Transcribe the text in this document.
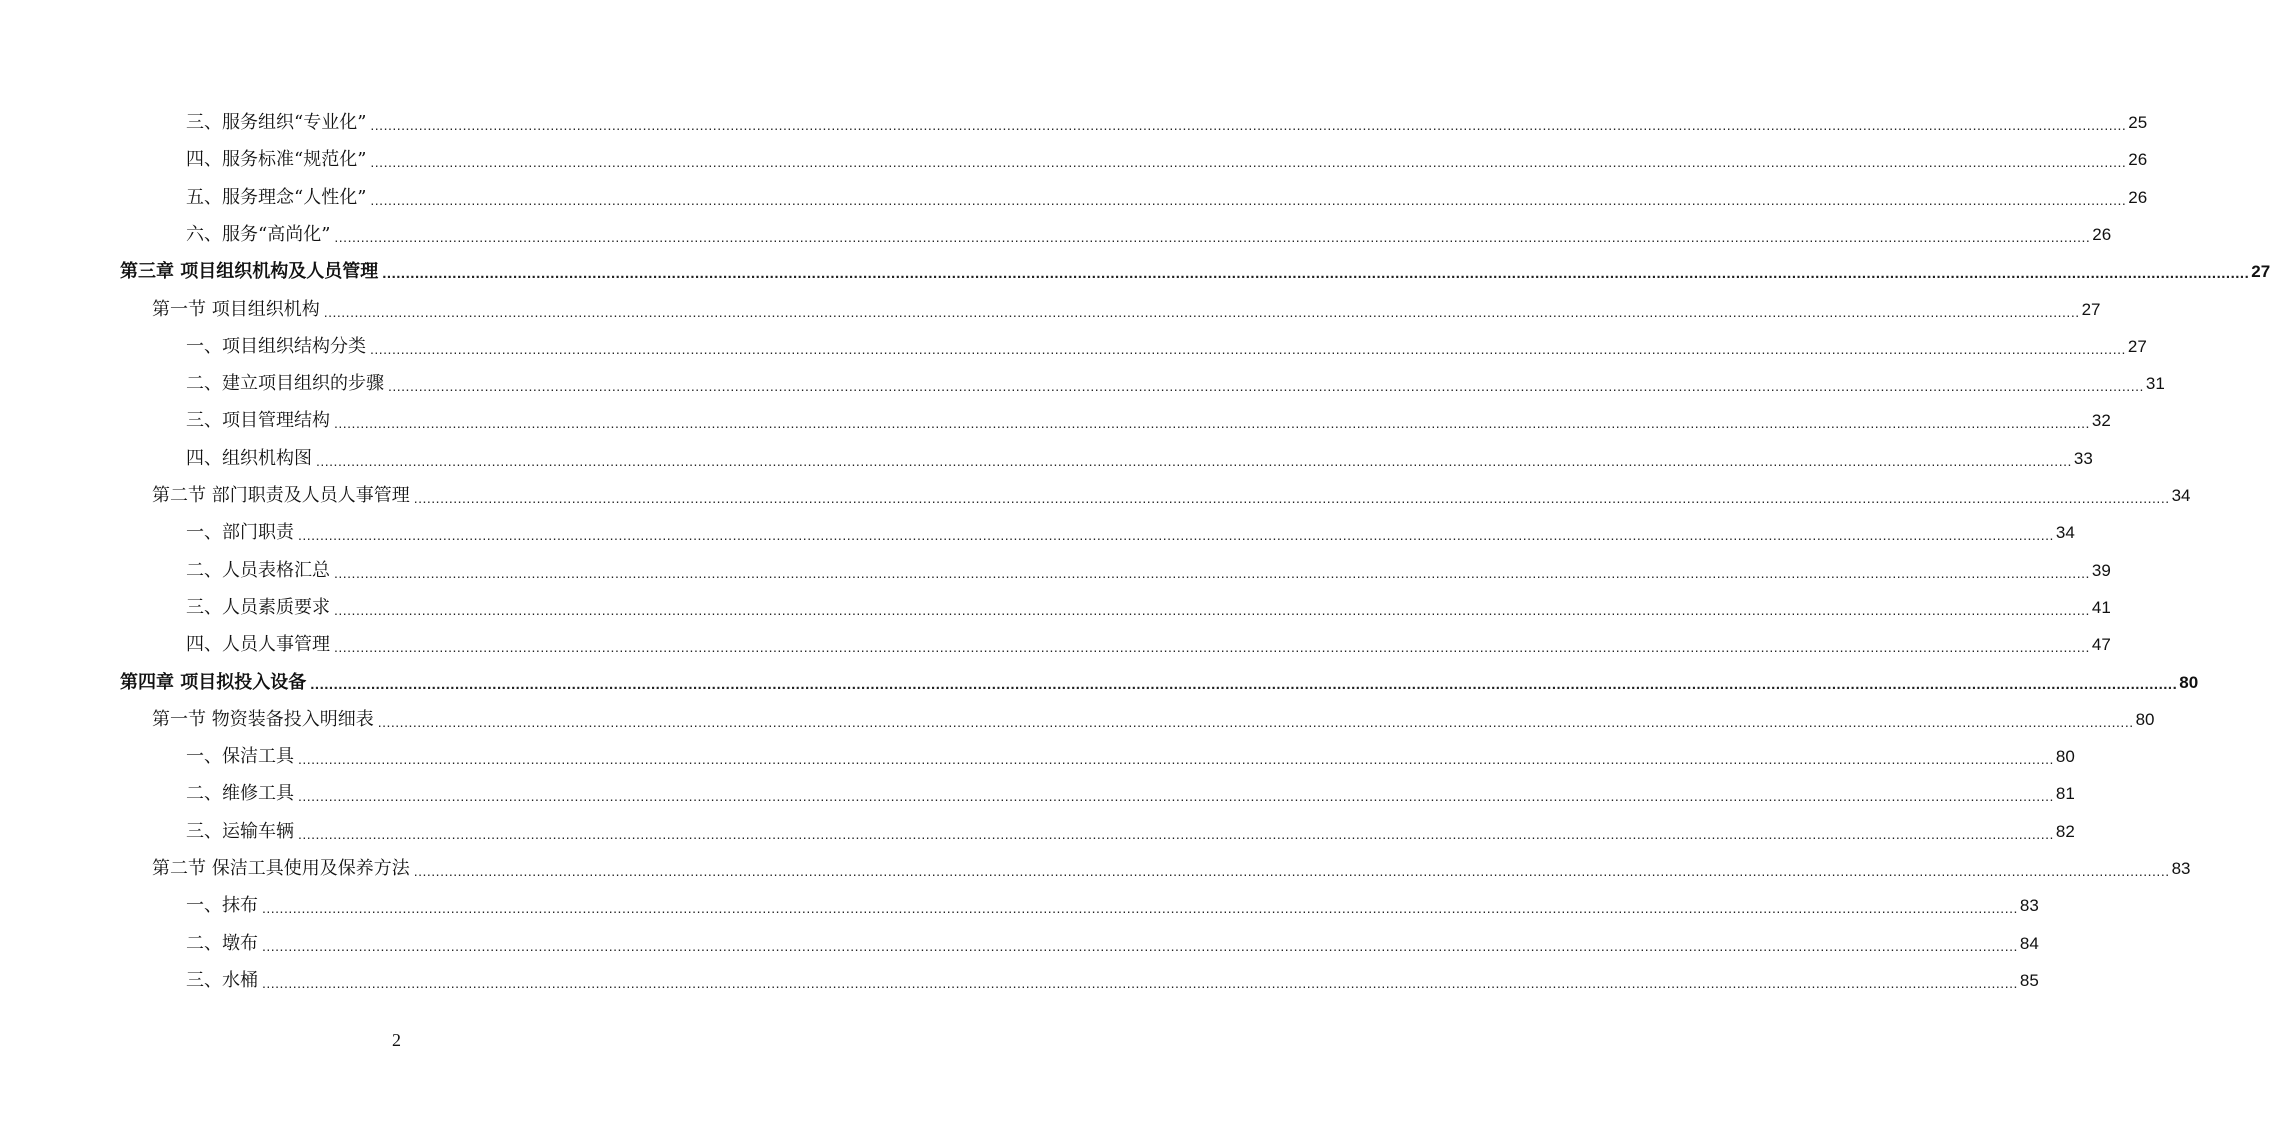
三、服务组织“专业化” ................................................................................................................................................................................................................................................................................................................................................................................................................ 25
四、服务标准“规范化” ................................................................................................................................................................................................................................................................................................................................................................................................................ 26
五、服务理念“人性化” ................................................................................................................................................................................................................................................................................................................................................................................................................ 26
六、服务“高尚化” ................................................................................................................................................................................................................................................................................................................................................................................................................ 26
第三章 项目组织机构及人员管理 ................................................................................................................................................................................................................................................................................................................................................................................................................ 27
第一节 项目组织机构 ................................................................................................................................................................................................................................................................................................................................................................................................................ 27
一、项目组织结构分类 ................................................................................................................................................................................................................................................................................................................................................................................................................ 27
二、建立项目组织的步骤 ................................................................................................................................................................................................................................................................................................................................................................................................................ 31
三、项目管理结构 ................................................................................................................................................................................................................................................................................................................................................................................................................ 32
四、组织机构图 ................................................................................................................................................................................................................................................................................................................................................................................................................ 33
第二节 部门职责及人员人事管理 ................................................................................................................................................................................................................................................................................................................................................................................................................ 34
一、部门职责 ................................................................................................................................................................................................................................................................................................................................................................................................................ 34
二、人员表格汇总 ................................................................................................................................................................................................................................................................................................................................................................................................................ 39
三、人员素质要求 ................................................................................................................................................................................................................................................................................................................................................................................................................ 41
四、人员人事管理 ................................................................................................................................................................................................................................................................................................................................................................................................................ 47
第四章 项目拟投入设备 ................................................................................................................................................................................................................................................................................................................................................................................................................ 80
第一节 物资装备投入明细表 ................................................................................................................................................................................................................................................................................................................................................................................................................ 80
一、保洁工具 ................................................................................................................................................................................................................................................................................................................................................................................................................ 80
二、维修工具 ................................................................................................................................................................................................................................................................................................................................................................................................................ 81
三、运输车辆 ................................................................................................................................................................................................................................................................................................................................................................................................................ 82
第二节 保洁工具使用及保养方法 ................................................................................................................................................................................................................................................................................................................................................................................................................ 83
一、抹布 ................................................................................................................................................................................................................................................................................................................................................................................................................ 83
二、墩布 ................................................................................................................................................................................................................................................................................................................................................................................................................ 84
三、水桶 ................................................................................................................................................................................................................................................................................................................................................................................................................ 85
2
